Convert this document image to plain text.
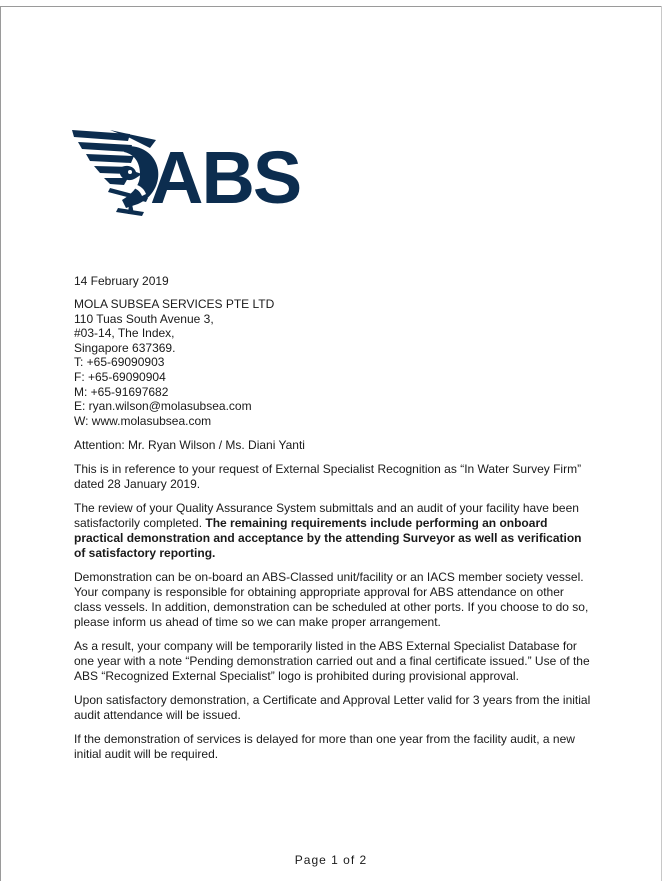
ABS

14 February 2019

MOLA SUBSEA SERVICES PTE LTD
110 Tuas South Avenue 3,
#03-14, The Index,
Singapore 637369.
T: +65-69090903
F: +65-69090904
M: +65-91697682
E: ryan.wilson@molasubsea.com
W: www.molasubsea.com

Attention: Mr. Ryan Wilson / Ms. Diani Yanti

This is in reference to your request of External Specialist Recognition as “In Water Survey Firm” dated 28 January 2019.

The review of your Quality Assurance System submittals and an audit of your facility have been satisfactorily completed. The remaining requirements include performing an onboard practical demonstration and acceptance by the attending Surveyor as well as verification of satisfactory reporting.

Demonstration can be on-board an ABS-Classed unit/facility or an IACS member society vessel. Your company is responsible for obtaining appropriate approval for ABS attendance on other class vessels. In addition, demonstration can be scheduled at other ports. If you choose to do so, please inform us ahead of time so we can make proper arrangement.

As a result, your company will be temporarily listed in the ABS External Specialist Database for one year with a note “Pending demonstration carried out and a final certificate issued.” Use of the ABS “Recognized External Specialist” logo is prohibited during provisional approval.

Upon satisfactory demonstration, a Certificate and Approval Letter valid for 3 years from the initial audit attendance will be issued.

If the demonstration of services is delayed for more than one year from the facility audit, a new initial audit will be required.

Page 1 of 2
